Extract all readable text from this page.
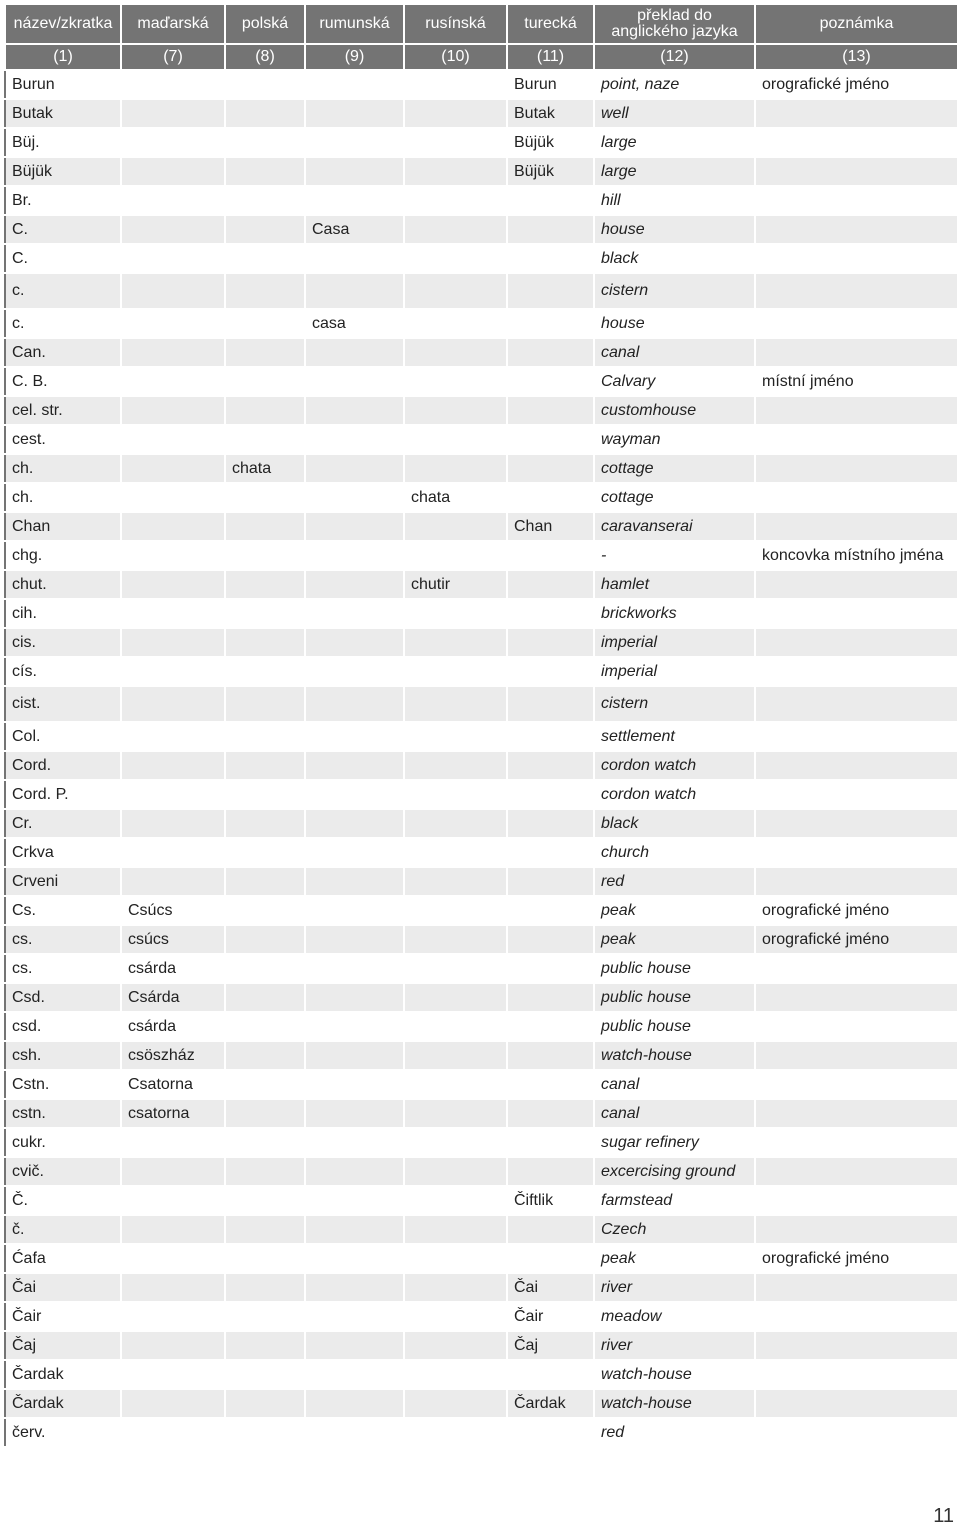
název/zkratka	maďarská	polská	rumunská	rusínská	turecká	překlad do
anglického jazyka	poznámka
(1)	(7)	(8)	(9)	(10)	(11)	(12)	(13)
Burun					Burun	point, naze	orografické jméno
Butak					Butak	well	
Büj.					Büjük	large	
Büjük					Büjük	large	
Br.						hill	
C.			Casa			house	
C.						black	
c.						cistern	
c.			casa			house	
Can.						canal	
C. B.						Calvary	místní jméno
cel. str.						customhouse	
cest.						wayman	
ch.		chata				cottage	
ch.				chata		cottage	
Chan					Chan	caravanserai	
chg.						-	koncovka místního jména
chut.				chutir		hamlet	
cih.						brickworks	
cis.						imperial	
cís.						imperial	
cist.						cistern	
Col.						settlement	
Cord.						cordon watch	
Cord. P.						cordon watch	
Cr.						black	
Crkva						church	
Crveni						red	
Cs.	Csúcs					peak	orografické jméno
cs.	csúcs					peak	orografické jméno
cs.	csárda					public house	
Csd.	Csárda					public house	
csd.	csárda					public house	
csh.	csöszház					watch-house	
Cstn.	Csatorna					canal	
cstn.	csatorna					canal	
cukr.						sugar refinery	
cvič.						excercising ground	
Č.					Čiftlik	farmstead	
č.						Czech	
Ćafa						peak	orografické jméno
Čai					Čai	river	
Čair					Čair	meadow	
Čaj					Čaj	river	
Čardak						watch-house	
Čardak					Čardak	watch-house	
červ.						red	
11
